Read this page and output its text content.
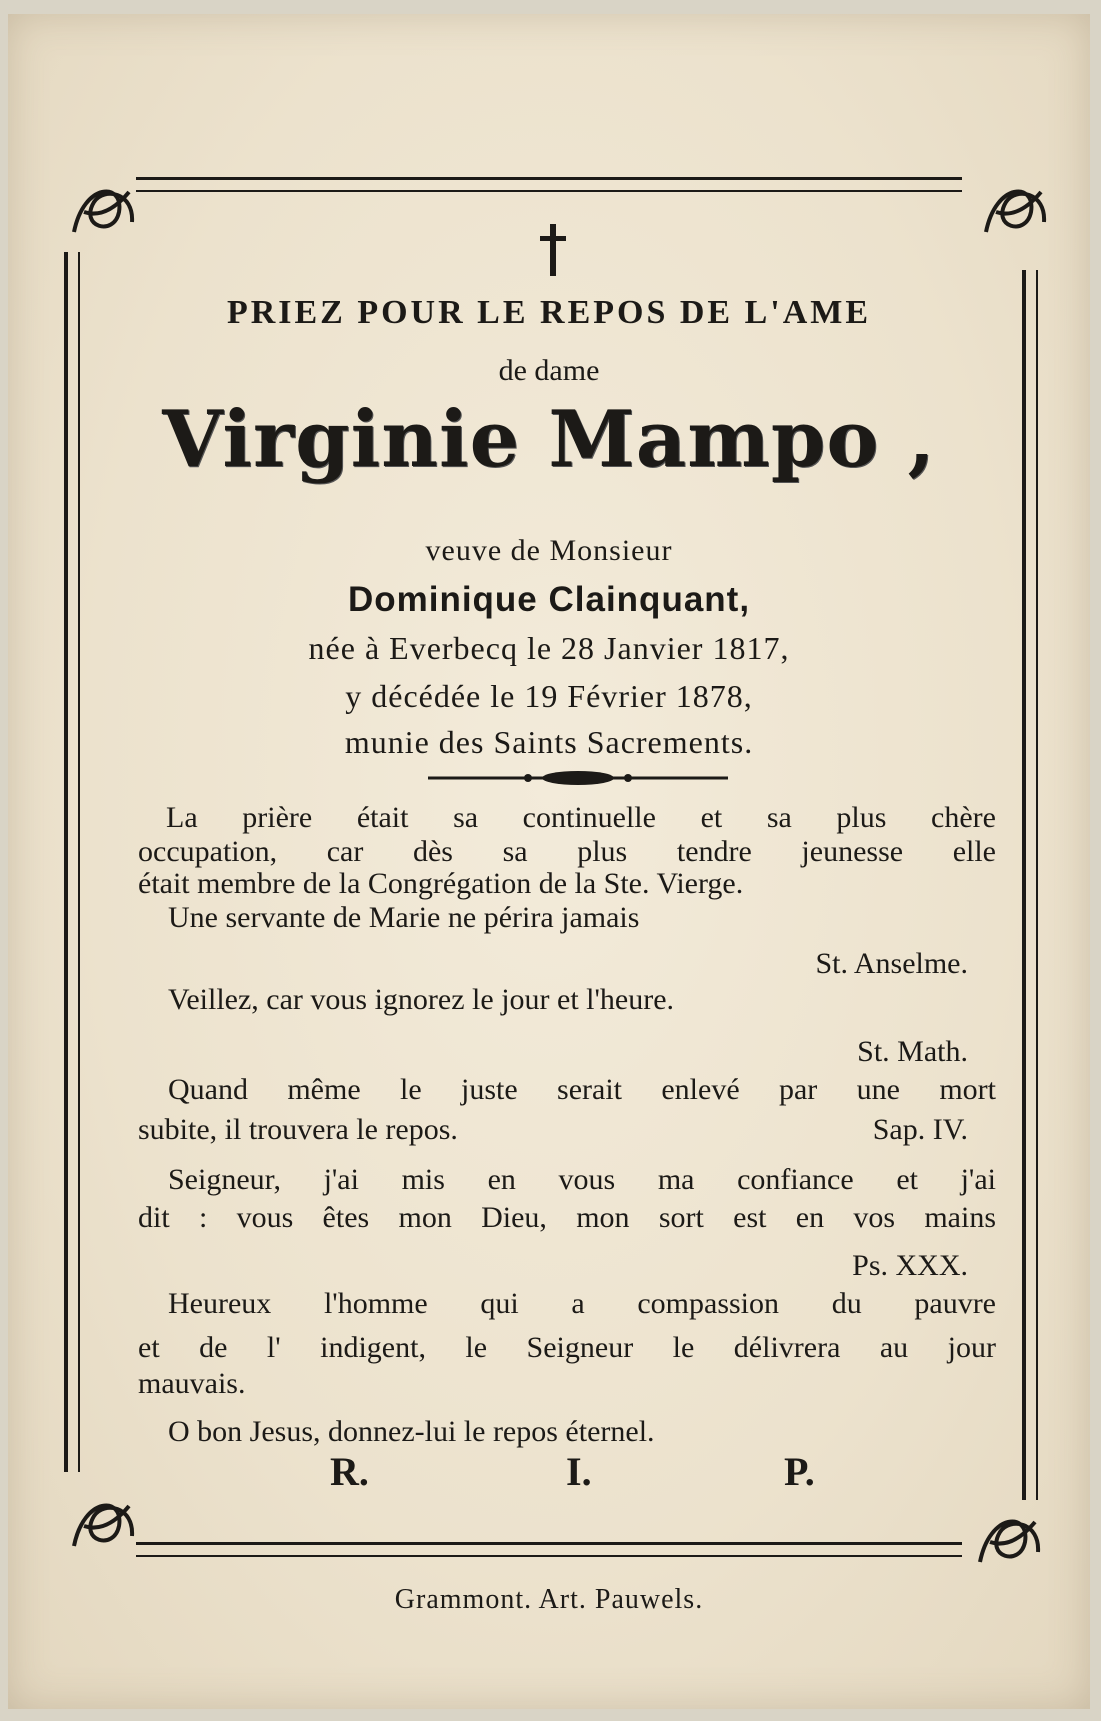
PRIEZ POUR LE REPOS DE L'AME
de dame
Virginie Mampo ,
veuve de Monsieur
Dominique Clainquant,
née à Everbecq le 28 Janvier 1817,
y décédée le 19 Février 1878,
munie des Saints Sacrements.
La prière était sa continuelle et sa plus chère
occupation, car dès sa plus tendre jeunesse elle
était membre de la Congrégation de la Ste. Vierge.
Une servante de Marie ne périra jamais
St. Anselme.
Veillez, car vous ignorez le jour et l'heure.
St. Math.
Quand même le juste serait enlevé par une mort
subite, il trouvera le repos.	Sap. IV.
Seigneur, j'ai mis en vous ma confiance et j'ai
dit : vous êtes mon Dieu, mon sort est en vos mains
Ps. XXX.
Heureux l'homme qui a compassion du pauvre
et de l' indigent, le Seigneur le délivrera au jour
mauvais.
O bon Jesus, donnez-lui le repos éternel.
R.	I.	P.
Grammont. Art. Pauwels.
